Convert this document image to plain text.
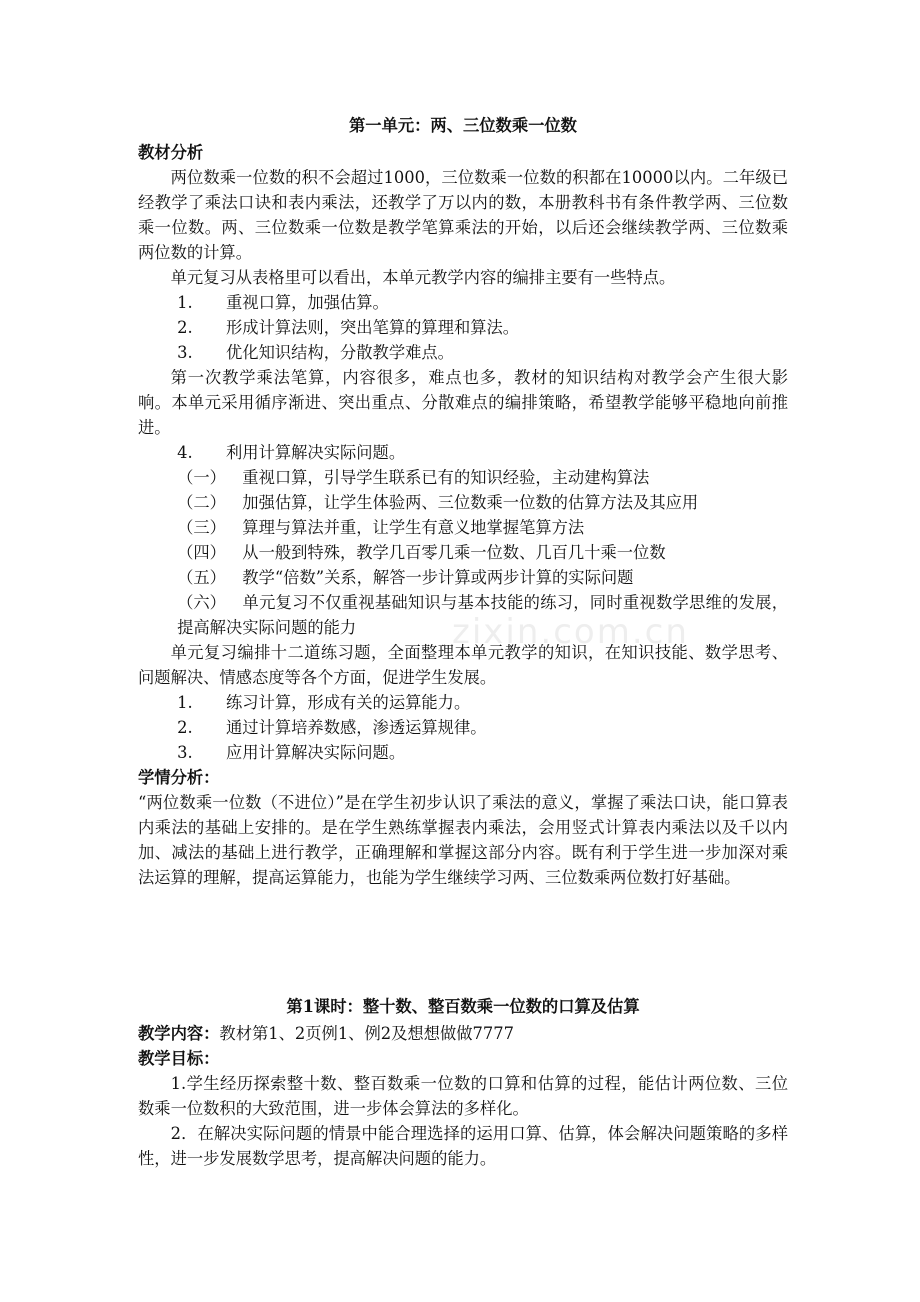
zixin.com.cn

第一单元：两、三位数乘一位数

教材分析

两位数乘一位数的积不会超过1000，三位数乘一位数的积都在10000以内。二年级已经教学了乘法口诀和表内乘法，还教学了万以内的数，本册教科书有条件教学两、三位数乘一位数。两、三位数乘一位数是教学笔算乘法的开始，以后还会继续教学两、三位数乘两位数的计算。

单元复习从表格里可以看出，本单元教学内容的编排主要有一些特点。

1. 重视口算，加强估算。

2. 形成计算法则，突出笔算的算理和算法。

3. 优化知识结构，分散教学难点。

第一次教学乘法笔算，内容很多，难点也多，教材的知识结构对教学会产生很大影响。本单元采用循序渐进、突出重点、分散难点的编排策略，希望教学能够平稳地向前推进。

4. 利用计算解决实际问题。

（一） 重视口算，引导学生联系已有的知识经验，主动建构算法

（二） 加强估算，让学生体验两、三位数乘一位数的估算方法及其应用

（三） 算理与算法并重，让学生有意义地掌握笔算方法

（四） 从一般到特殊，教学几百零几乘一位数、几百几十乘一位数

（五） 教学“倍数”关系，解答一步计算或两步计算的实际问题

（六） 单元复习不仅重视基础知识与基本技能的练习，同时重视数学思维的发展，提高解决实际问题的能力

单元复习编排十二道练习题，全面整理本单元教学的知识，在知识技能、数学思考、问题解决、情感态度等各个方面，促进学生发展。

1. 练习计算，形成有关的运算能力。

2. 通过计算培养数感，渗透运算规律。

3. 应用计算解决实际问题。

学情分析：

“两位数乘一位数（不进位）”是在学生初步认识了乘法的意义，掌握了乘法口诀，能口算表内乘法的基础上安排的。是在学生熟练掌握表内乘法，会用竖式计算表内乘法以及千以内加、减法的基础上进行教学，正确理解和掌握这部分内容。既有利于学生进一步加深对乘法运算的理解，提高运算能力，也能为学生继续学习两、三位数乘两位数打好基础。

第1课时：整十数、整百数乘一位数的口算及估算

教学内容：教材第1、2页例1、例2及想想做做7777

教学目标：

1.学生经历探索整十数、整百数乘一位数的口算和估算的过程，能估计两位数、三位数乘一位数积的大致范围，进一步体会算法的多样化。

2．在解决实际问题的情景中能合理选择的运用口算、估算，体会解决问题策略的多样性，进一步发展数学思考，提高解决问题的能力。
